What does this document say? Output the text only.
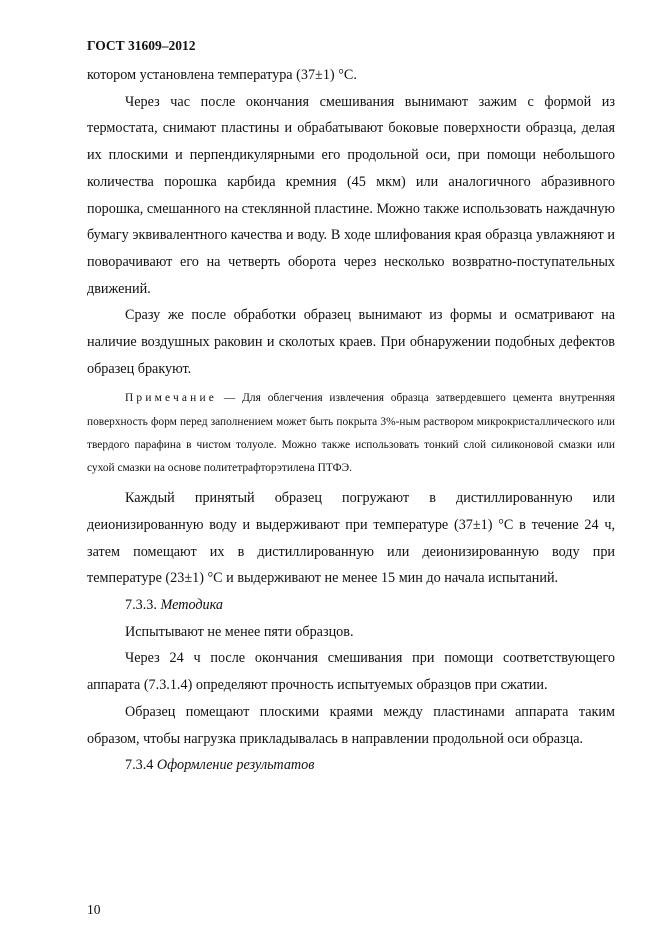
ГОСТ 31609–2012

котором установлена температура (37±1) °С.

Через час после окончания смешивания вынимают зажим с формой из термостата, снимают пластины и обрабатывают боковые поверхности образца, делая их плоскими и перпендикулярными его продольной оси, при помощи небольшого количества порошка карбида кремния (45 мкм) или аналогичного абразивного порошка, смешанного на стеклянной пластине. Можно также использовать наждачную бумагу эквивалентного качества и воду. В ходе шлифования края образца увлажняют и поворачивают его на четверть оборота через несколько возвратно-поступательных движений.

Сразу же после обработки образец вынимают из формы и осматривают на наличие воздушных раковин и сколотых краев. При обнаружении подобных дефектов образец бракуют.

Примечание — Для облегчения извлечения образца затвердевшего цемента внутренняя поверхность форм перед заполнением может быть покрыта 3%-ным раствором микрокристаллического или твердого парафина в чистом толуоле. Можно также использовать тонкий слой силиконовой смазки или сухой смазки на основе политетрафторэтилена ПТФЭ.

Каждый принятый образец погружают в дистиллированную или деионизированную воду и выдерживают при температуре (37±1) °С в течение 24 ч, затем помещают их в дистиллированную или деионизированную воду при температуре (23±1) °С и выдерживают не менее 15 мин до начала испытаний.

7.3.3. Методика

Испытывают не менее пяти образцов.

Через 24 ч после окончания смешивания при помощи соответствующего аппарата (7.3.1.4) определяют прочность испытуемых образцов при сжатии.

Образец помещают плоскими краями между пластинами аппарата таким образом, чтобы нагрузка прикладывалась в направлении продольной оси образца.

7.3.4 Оформление результатов

10
